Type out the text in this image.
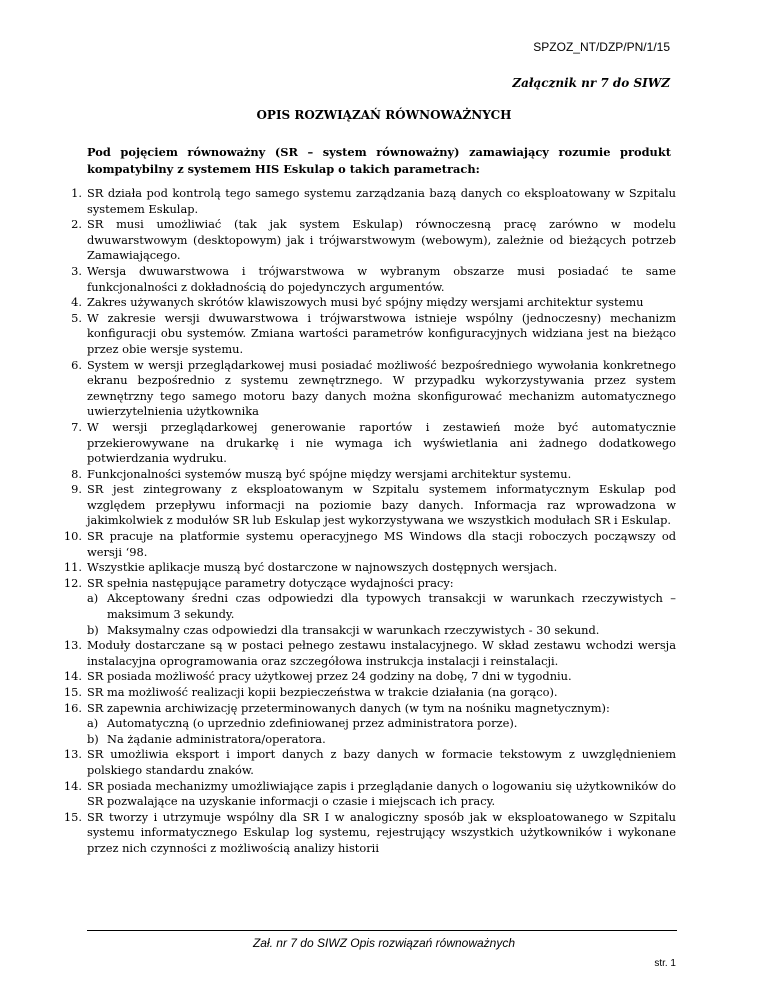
SPZOZ_NT/DZP/PN/1/15
Załącznik nr 7 do SIWZ
OPIS ROZWIĄZAŃ RÓWNOWAŻNYCH
Pod pojęciem równoważny (SR – system równoważny) zamawiający rozumie produkt kompatybilny z systemem HIS Eskulap o takich parametrach:
1. SR działa pod kontrolą tego samego systemu zarządzania bazą danych co eksploatowany w Szpitalu systemem Eskulap.
2. SR musi umożliwiać (tak jak system Eskulap) równoczesną pracę zarówno w modelu dwuwarstwowym (desktopowym) jak i trójwarstwowym (webowym), zależnie od bieżących potrzeb Zamawiającego.
3. Wersja dwuwarstwowa i trójwarstwowa w wybranym obszarze musi posiadać te same funkcjonalności z dokładnością do pojedynczych argumentów.
4. Zakres używanych skrótów klawiszowych musi być spójny między wersjami architektur systemu
5. W zakresie wersji dwuwarstwowa i trójwarstwowa istnieje wspólny (jednoczesny) mechanizm konfiguracji obu systemów. Zmiana wartości parametrów konfiguracyjnych widziana jest na bieżąco przez obie wersje systemu.
6. System w wersji przeglądarkowej musi posiadać możliwość bezpośredniego wywołania konkretnego ekranu bezpośrednio z systemu zewnętrznego. W przypadku wykorzystywania przez system zewnętrzny tego samego motoru bazy danych można skonfigurować mechanizm automatycznego uwierzytelnienia użytkownika
7. W wersji przeglądarkowej generowanie raportów i zestawień może być automatycznie przekierowywane na drukarkę i nie wymaga ich wyświetlania ani żadnego dodatkowego potwierdzania wydruku.
8. Funkcjonalności systemów muszą być spójne między wersjami architektur systemu.
9. SR jest zintegrowany z eksploatowanym w Szpitalu systemem informatycznym Eskulap pod względem przepływu informacji na poziomie bazy danych. Informacja raz wprowadzona w jakimkolwiek z modułów SR lub Eskulap jest wykorzystywana we wszystkich modułach SR i Eskulap.
10. SR pracuje na platformie systemu operacyjnego MS Windows dla stacji roboczych począwszy od wersji ‘98.
11. Wszystkie aplikacje muszą być dostarczone w najnowszych dostępnych wersjach.
12. SR spełnia następujące parametry dotyczące wydajności pracy:
a) Akceptowany średni czas odpowiedzi dla typowych transakcji w warunkach rzeczywistych – maksimum 3 sekundy.
b) Maksymalny czas odpowiedzi dla transakcji w warunkach rzeczywistych - 30 sekund.
13. Moduły dostarczane są w postaci pełnego zestawu instalacyjnego. W skład zestawu wchodzi wersja instalacyjna oprogramowania oraz szczegółowa instrukcja instalacji i reinstalacji.
14. SR posiada możliwość pracy użytkowej przez 24 godziny na dobę, 7 dni w tygodniu.
15. SR ma możliwość realizacji kopii bezpieczeństwa w trakcie działania (na gorąco).
16. SR zapewnia archiwizację przeterminowanych danych (w tym na nośniku magnetycznym):
a) Automatyczną (o uprzednio zdefiniowanej przez administratora porze).
b) Na żądanie administratora/operatora.
13. SR umożliwia eksport i import danych z bazy danych w formacie tekstowym z uwzględnieniem polskiego standardu znaków.
14. SR posiada mechanizmy umożliwiające zapis i przeglądanie danych o logowaniu się użytkowników do SR pozwalające na uzyskanie informacji o czasie i miejscach ich pracy.
15. SR tworzy i utrzymuje wspólny dla SR I w analogiczny sposób jak w eksploatowanego w Szpitalu systemu informatycznego Eskulap log systemu, rejestrujący wszystkich użytkowników i wykonane przez nich czynności z możliwością analizy historii
Zał. nr 7 do SIWZ Opis rozwiązań równoważnych
str. 1
